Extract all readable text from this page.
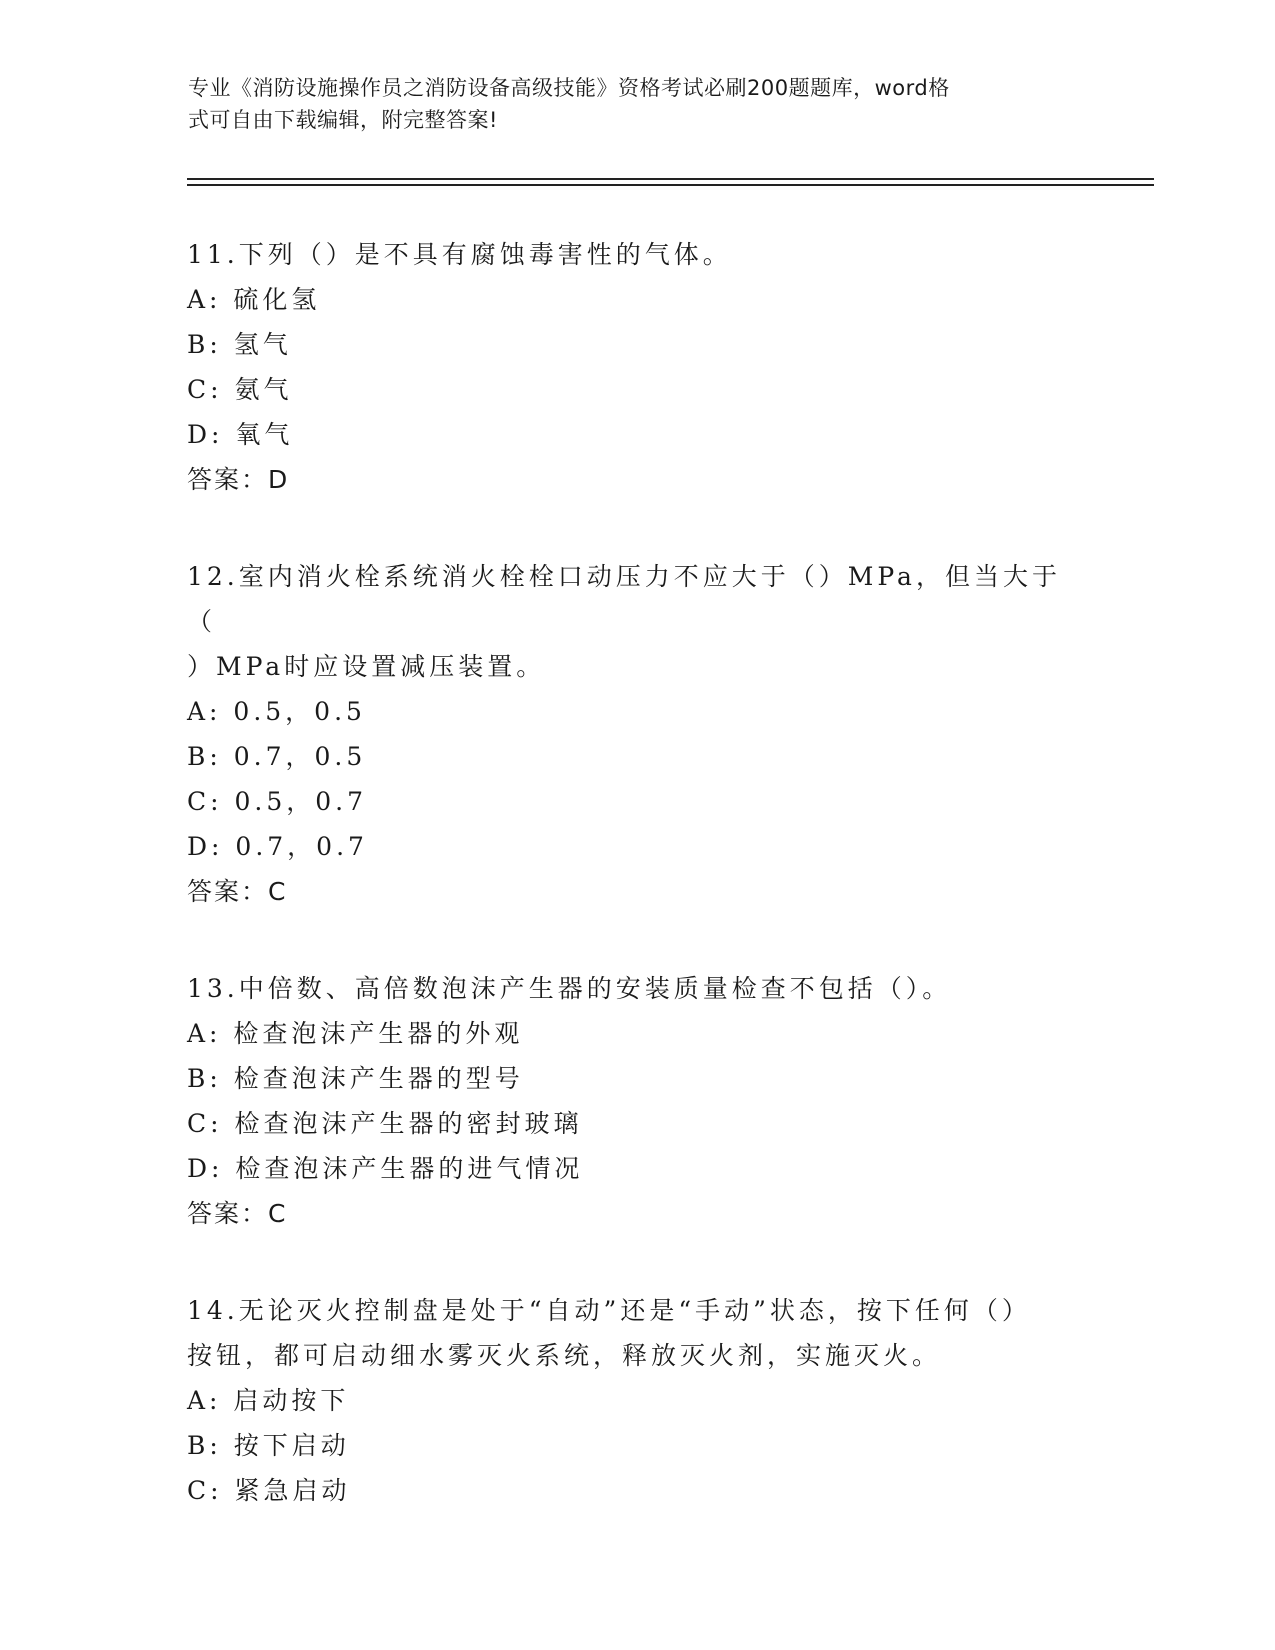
专业《消防设施操作员之消防设备高级技能》资格考试必刷200题题库，word格
式可自由下载编辑，附完整答案!
11.下列（）是不具有腐蚀毒害性的气体。
A: 硫化氢
B: 氢气
C: 氨气
D: 氧气
答案：D
12.室内消火栓系统消火栓栓口动压力不应大于（）MPa，但当大于（
）MPa时应设置减压装置。
A: 0.5，0.5
B: 0.7，0.5
C: 0.5，0.7
D: 0.7，0.7
答案：C
13.中倍数、高倍数泡沫产生器的安装质量检查不包括（）。
A: 检查泡沫产生器的外观
B: 检查泡沫产生器的型号
C: 检查泡沫产生器的密封玻璃
D: 检查泡沫产生器的进气情况
答案：C
14.无论灭火控制盘是处于“自动”还是“手动”状态，按下任何（）
按钮，都可启动细水雾灭火系统，释放灭火剂，实施灭火。
A: 启动按下
B: 按下启动
C: 紧急启动
